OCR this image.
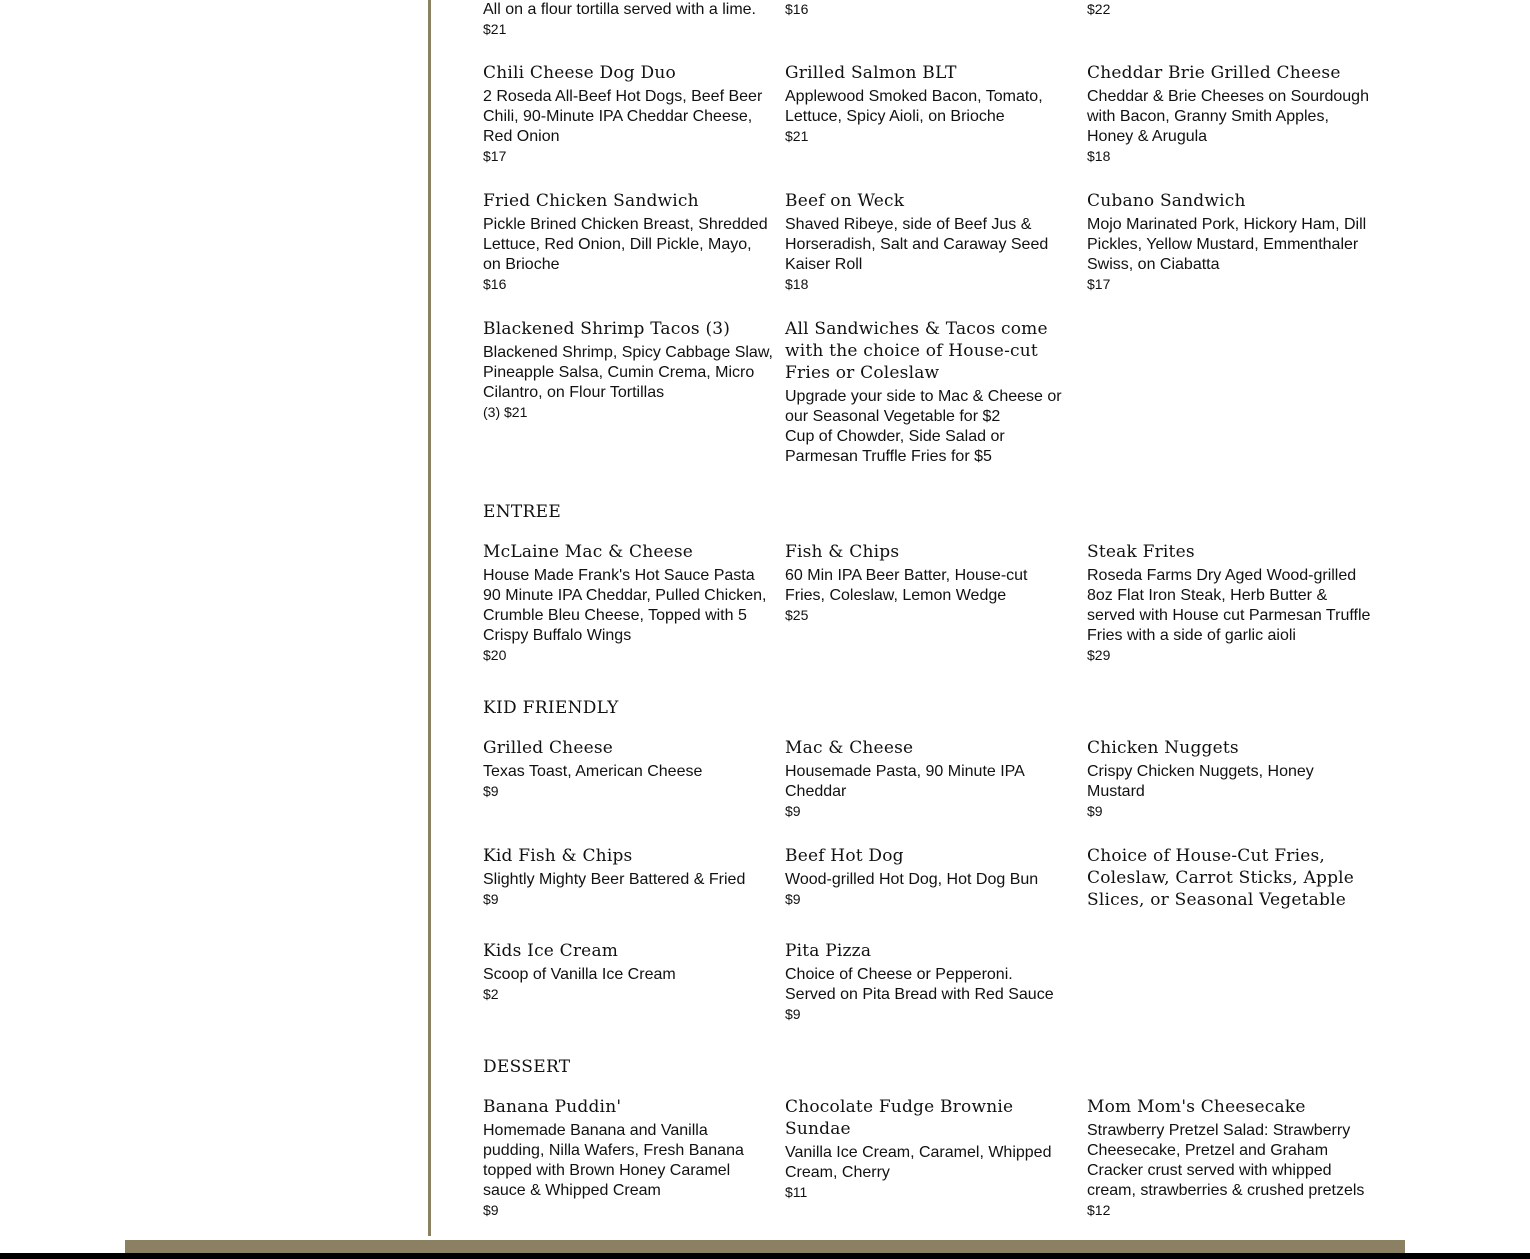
All on a flour tortilla served with a lime.
$21
$16	$22
Chili Cheese Dog Duo
2 Roseda All-Beef Hot Dogs, Beef Beer Chili, 90-Minute IPA Cheddar Cheese, Red Onion
$17
Grilled Salmon BLT
Applewood Smoked Bacon, Tomato, Lettuce, Spicy Aioli, on Brioche
$21
Cheddar Brie Grilled Cheese
Cheddar & Brie Cheeses on Sourdough with Bacon, Granny Smith Apples, Honey & Arugula
$18
Fried Chicken Sandwich
Pickle Brined Chicken Breast, Shredded Lettuce, Red Onion, Dill Pickle, Mayo, on Brioche
$16
Beef on Weck
Shaved Ribeye, side of Beef Jus & Horseradish, Salt and Caraway Seed Kaiser Roll
$18
Cubano Sandwich
Mojo Marinated Pork, Hickory Ham, Dill Pickles, Yellow Mustard, Emmenthaler Swiss, on Ciabatta
$17
Blackened Shrimp Tacos (3)
Blackened Shrimp, Spicy Cabbage Slaw, Pineapple Salsa, Cumin Crema, Micro Cilantro, on Flour Tortillas
(3) $21
All Sandwiches & Tacos come with the choice of House-cut Fries or Coleslaw
Upgrade your side to Mac & Cheese or our Seasonal Vegetable for $2
Cup of Chowder, Side Salad or Parmesan Truffle Fries for $5
ENTREE
McLaine Mac & Cheese
House Made Frank's Hot Sauce Pasta 90 Minute IPA Cheddar, Pulled Chicken, Crumble Bleu Cheese, Topped with 5 Crispy Buffalo Wings
$20
Fish & Chips
60 Min IPA Beer Batter, House-cut Fries, Coleslaw, Lemon Wedge
$25
Steak Frites
Roseda Farms Dry Aged Wood-grilled 8oz Flat Iron Steak, Herb Butter & served with House cut Parmesan Truffle Fries with a side of garlic aioli
$29
KID FRIENDLY
Grilled Cheese
Texas Toast, American Cheese
$9
Mac & Cheese
Housemade Pasta, 90 Minute IPA Cheddar
$9
Chicken Nuggets
Crispy Chicken Nuggets, Honey Mustard
$9
Kid Fish & Chips
Slightly Mighty Beer Battered & Fried
$9
Beef Hot Dog
Wood-grilled Hot Dog, Hot Dog Bun
$9
Choice of House-Cut Fries, Coleslaw, Carrot Sticks, Apple Slices, or Seasonal Vegetable
Kids Ice Cream
Scoop of Vanilla Ice Cream
$2
Pita Pizza
Choice of Cheese or Pepperoni. Served on Pita Bread with Red Sauce
$9
DESSERT
Banana Puddin'
Homemade Banana and Vanilla pudding, Nilla Wafers, Fresh Banana topped with Brown Honey Caramel sauce & Whipped Cream
$9
Chocolate Fudge Brownie Sundae
Vanilla Ice Cream, Caramel, Whipped Cream, Cherry
$11
Mom Mom's Cheesecake
Strawberry Pretzel Salad: Strawberry Cheesecake, Pretzel and Graham Cracker crust served with whipped cream, strawberries & crushed pretzels
$12
